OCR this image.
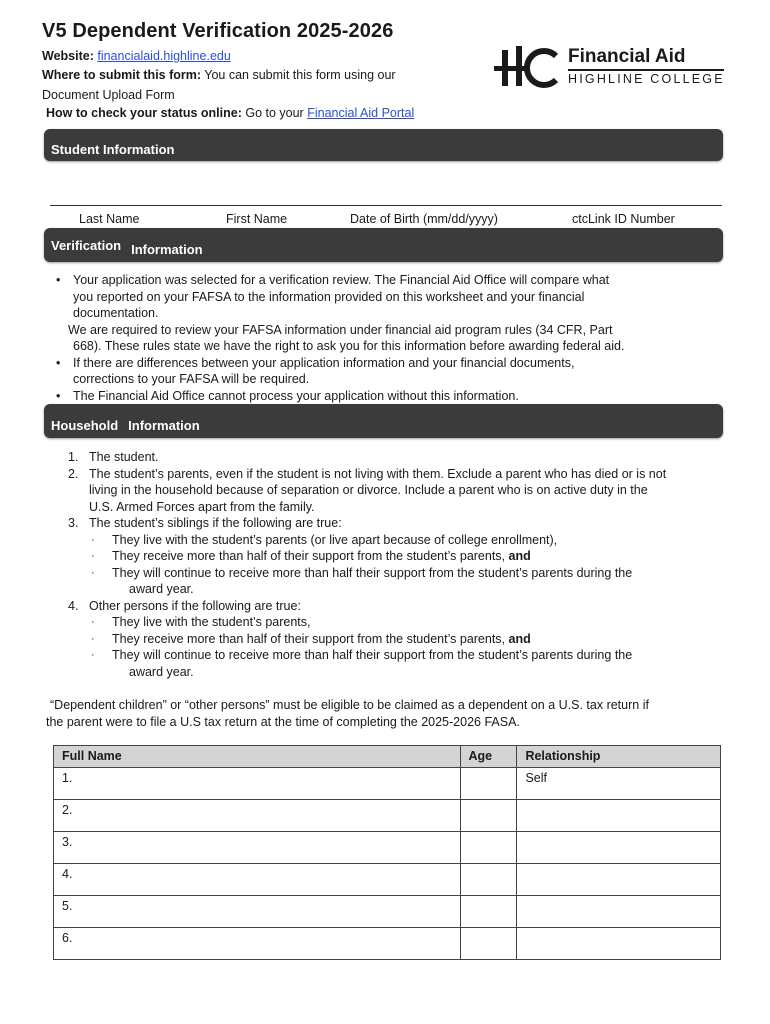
V5 Dependent Verification 2025-2026
Website: financialaid.highline.edu
Where to submit this form: You can submit this form using our
Document Upload Form
How to check your status online: Go to your Financial Aid Portal
Financial Aid
HIGHLINE COLLEGE
Student Information
Last Name	First Name	Date of Birth (mm/dd/yyyy)	ctcLink ID Number
Verification Information
• Your application was selected for a verification review. The Financial Aid Office will compare what
you reported on your FAFSA to the information provided on this worksheet and your financial
documentation.
We are required to review your FAFSA information under financial aid program rules (34 CFR, Part
668). These rules state we have the right to ask you for this information before awarding federal aid.
• If there are differences between your application information and your financial documents,
corrections to your FAFSA will be required.
• The Financial Aid Office cannot process your application without this information.
Household Information
1. The student.
2. The student’s parents, even if the student is not living with them. Exclude a parent who has died or is not
living in the household because of separation or divorce. Include a parent who is on active duty in the
U.S. Armed Forces apart from the family.
3. The student’s siblings if the following are true:
· They live with the student’s parents (or live apart because of college enrollment),
· They receive more than half of their support from the student’s parents, and
· They will continue to receive more than half their support from the student’s parents during the
award year.
4. Other persons if the following are true:
· They live with the student’s parents,
· They receive more than half of their support from the student’s parents, and
· They will continue to receive more than half their support from the student’s parents during the
award year.
“Dependent children” or “other persons” must be eligible to be claimed as a dependent on a U.S. tax return if
the parent were to file a U.S tax return at the time of completing the 2025-2026 FASA.
Full Name	Age	Relationship
1.		Self
2.		
3.		
4.		
5.		
6.		
